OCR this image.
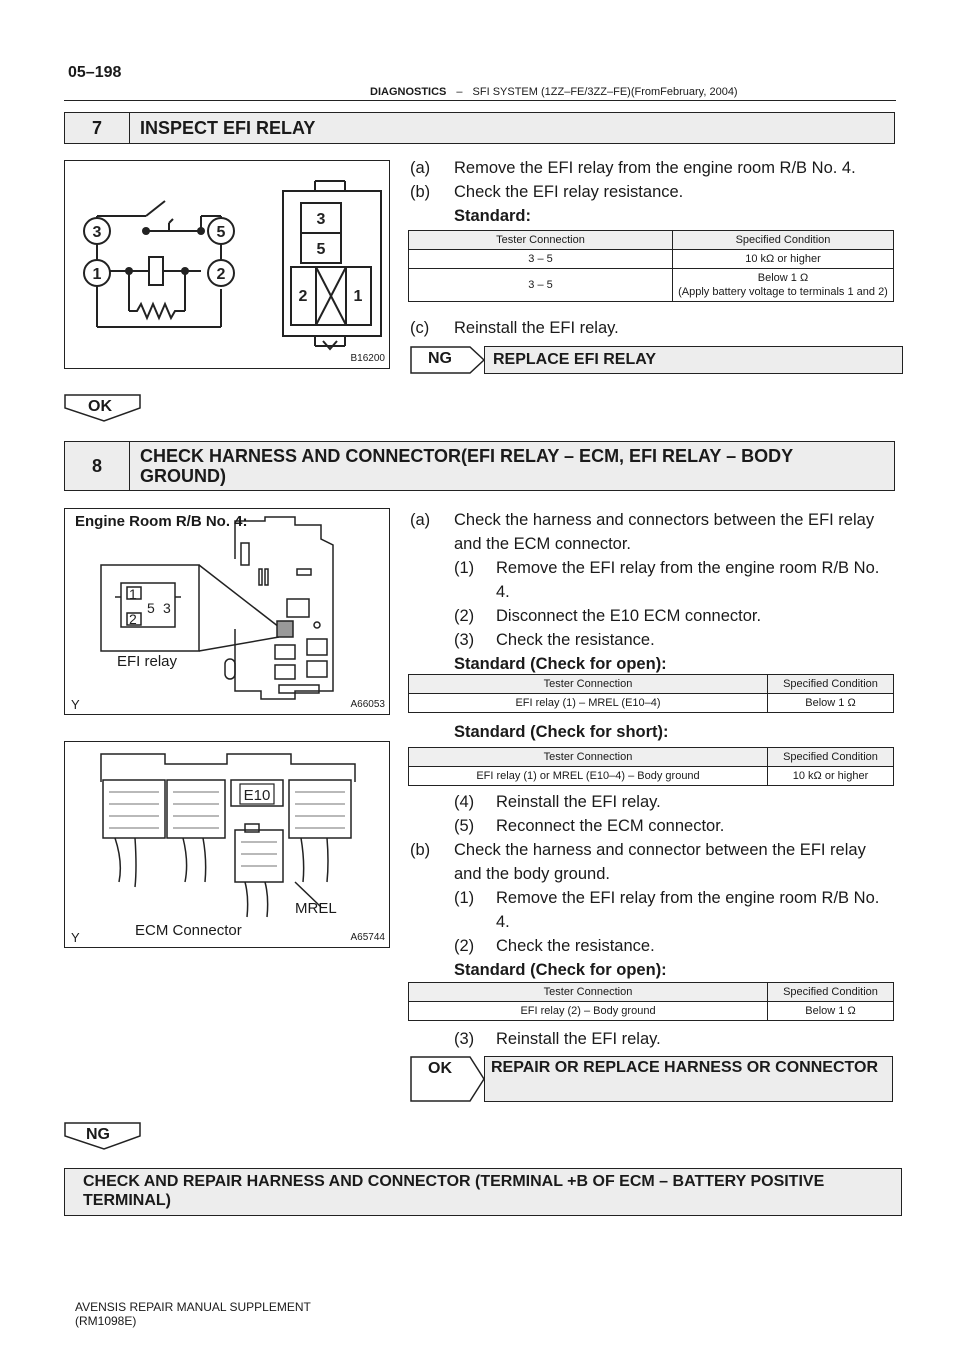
05–198
DIAGNOSTICS – SFI SYSTEM (1ZZ–FE/3ZZ–FE)(FromFebruary, 2004)
7	INSPECT EFI RELAY
3	5
1	2
3
5
2	1
B16200
(a) Remove the EFI relay from the engine room R/B No. 4.
(b) Check the EFI relay resistance.
Standard:
Tester Connection	Specified Condition
3 – 5	10 kΩ or higher
3 – 5	Below 1 Ω
(Apply battery voltage to terminals 1 and 2)
(c) Reinstall the EFI relay.
NG	REPLACE EFI RELAY
OK
8	CHECK HARNESS AND CONNECTOR(EFI RELAY – ECM, EFI RELAY – BODY GROUND)
Engine Room R/B No. 4:
1
2
5 3
EFI relay
Y	A66053
E10
MREL
ECM Connector
Y	A65744
(a) Check the harness and connectors between the EFI relay
and the ECM connector.
(1) Remove the EFI relay from the engine room R/B No.
4.
(2) Disconnect the E10 ECM connector.
(3) Check the resistance.
Standard (Check for open):
Tester Connection	Specified Condition
EFI relay (1) – MREL (E10–4)	Below 1 Ω
Standard (Check for short):
Tester Connection	Specified Condition
EFI relay (1) or MREL (E10–4) – Body ground	10 kΩ or higher
(4) Reinstall the EFI relay.
(5) Reconnect the ECM connector.
(b) Check the harness and connector between the EFI relay
and the body ground.
(1) Remove the EFI relay from the engine room R/B No.
4.
(2) Check the resistance.
Standard (Check for open):
Tester Connection	Specified Condition
EFI relay (2) – Body ground	Below 1 Ω
(3) Reinstall the EFI relay.
OK	REPAIR OR REPLACE HARNESS OR CONNECTOR
NG
CHECK AND REPAIR HARNESS AND CONNECTOR (TERMINAL +B OF ECM – BATTERY POSITIVE TERMINAL)
AVENSIS REPAIR MANUAL SUPPLEMENT
(RM1098E)
